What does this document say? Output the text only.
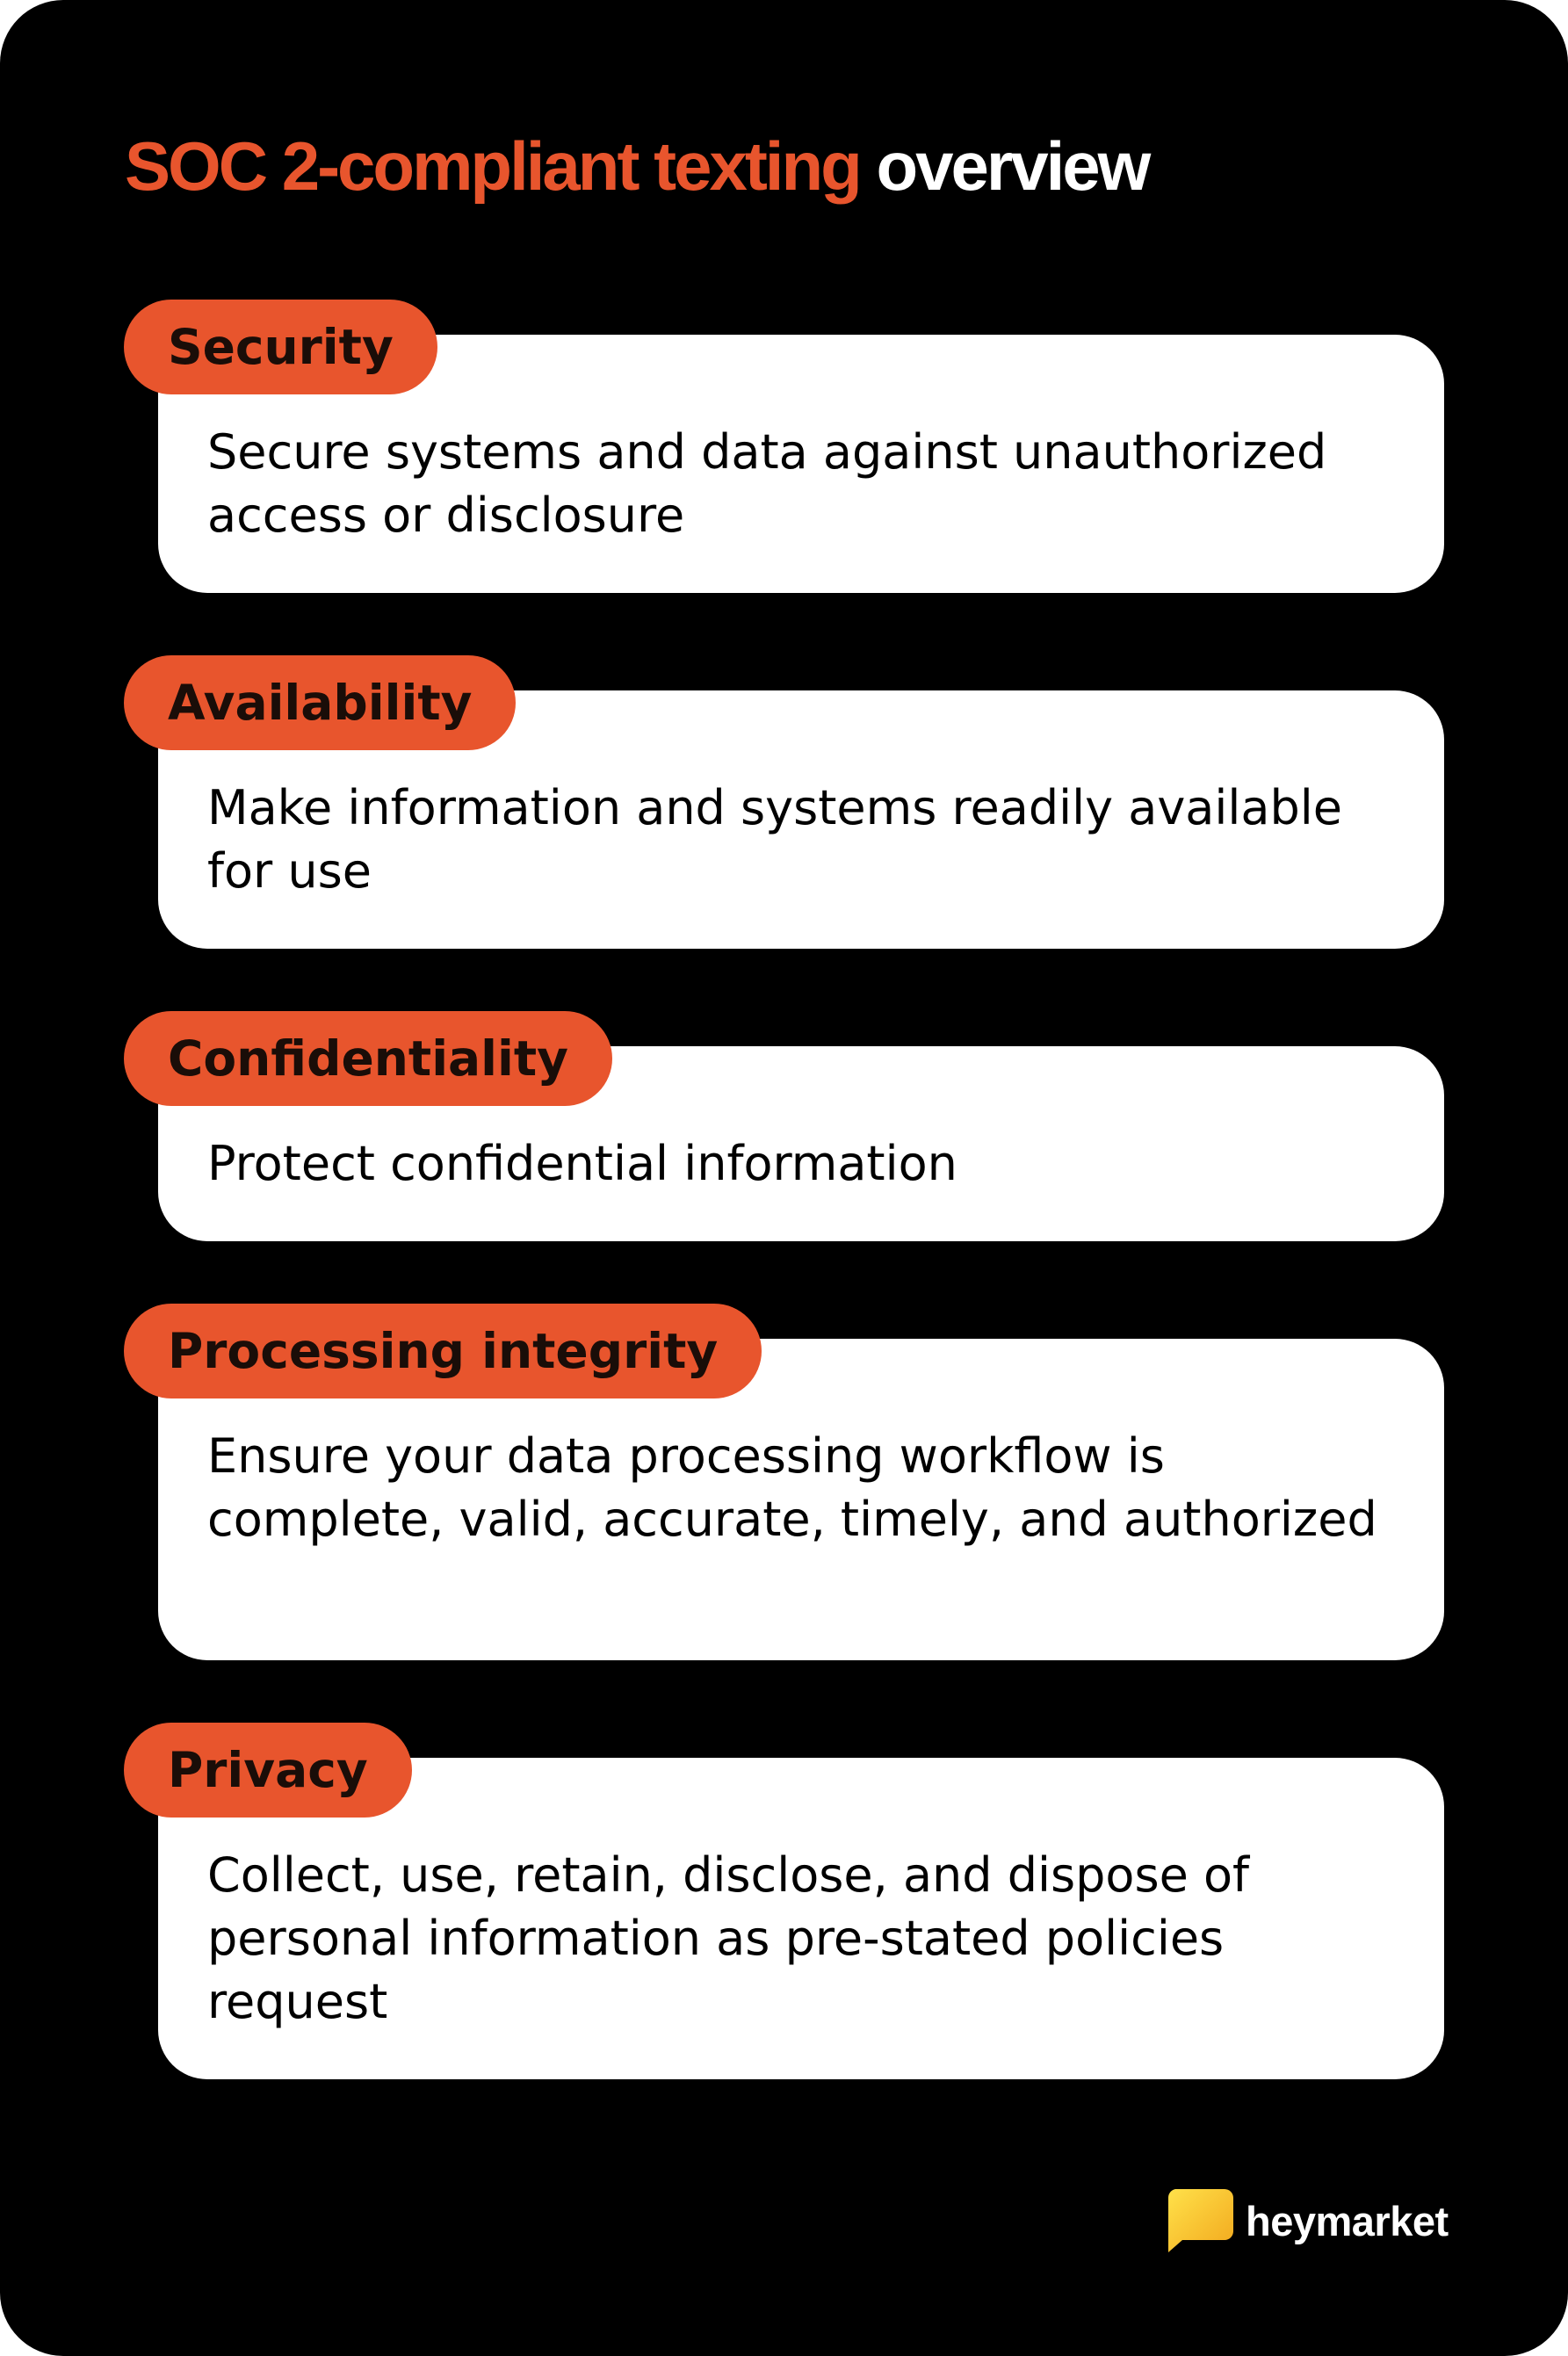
SOC 2-compliant texting overview

Secure systems and data against unauthorized access or disclosure

Security

Make information and systems readily available for use

Availability

Protect confidential information

Confidentiality

Ensure your data processing workflow is complete, valid, accurate, timely, and authorized

Processing integrity

Collect, use, retain, disclose, and dispose of personal information as pre-stated policies request

Privacy
heymarket
